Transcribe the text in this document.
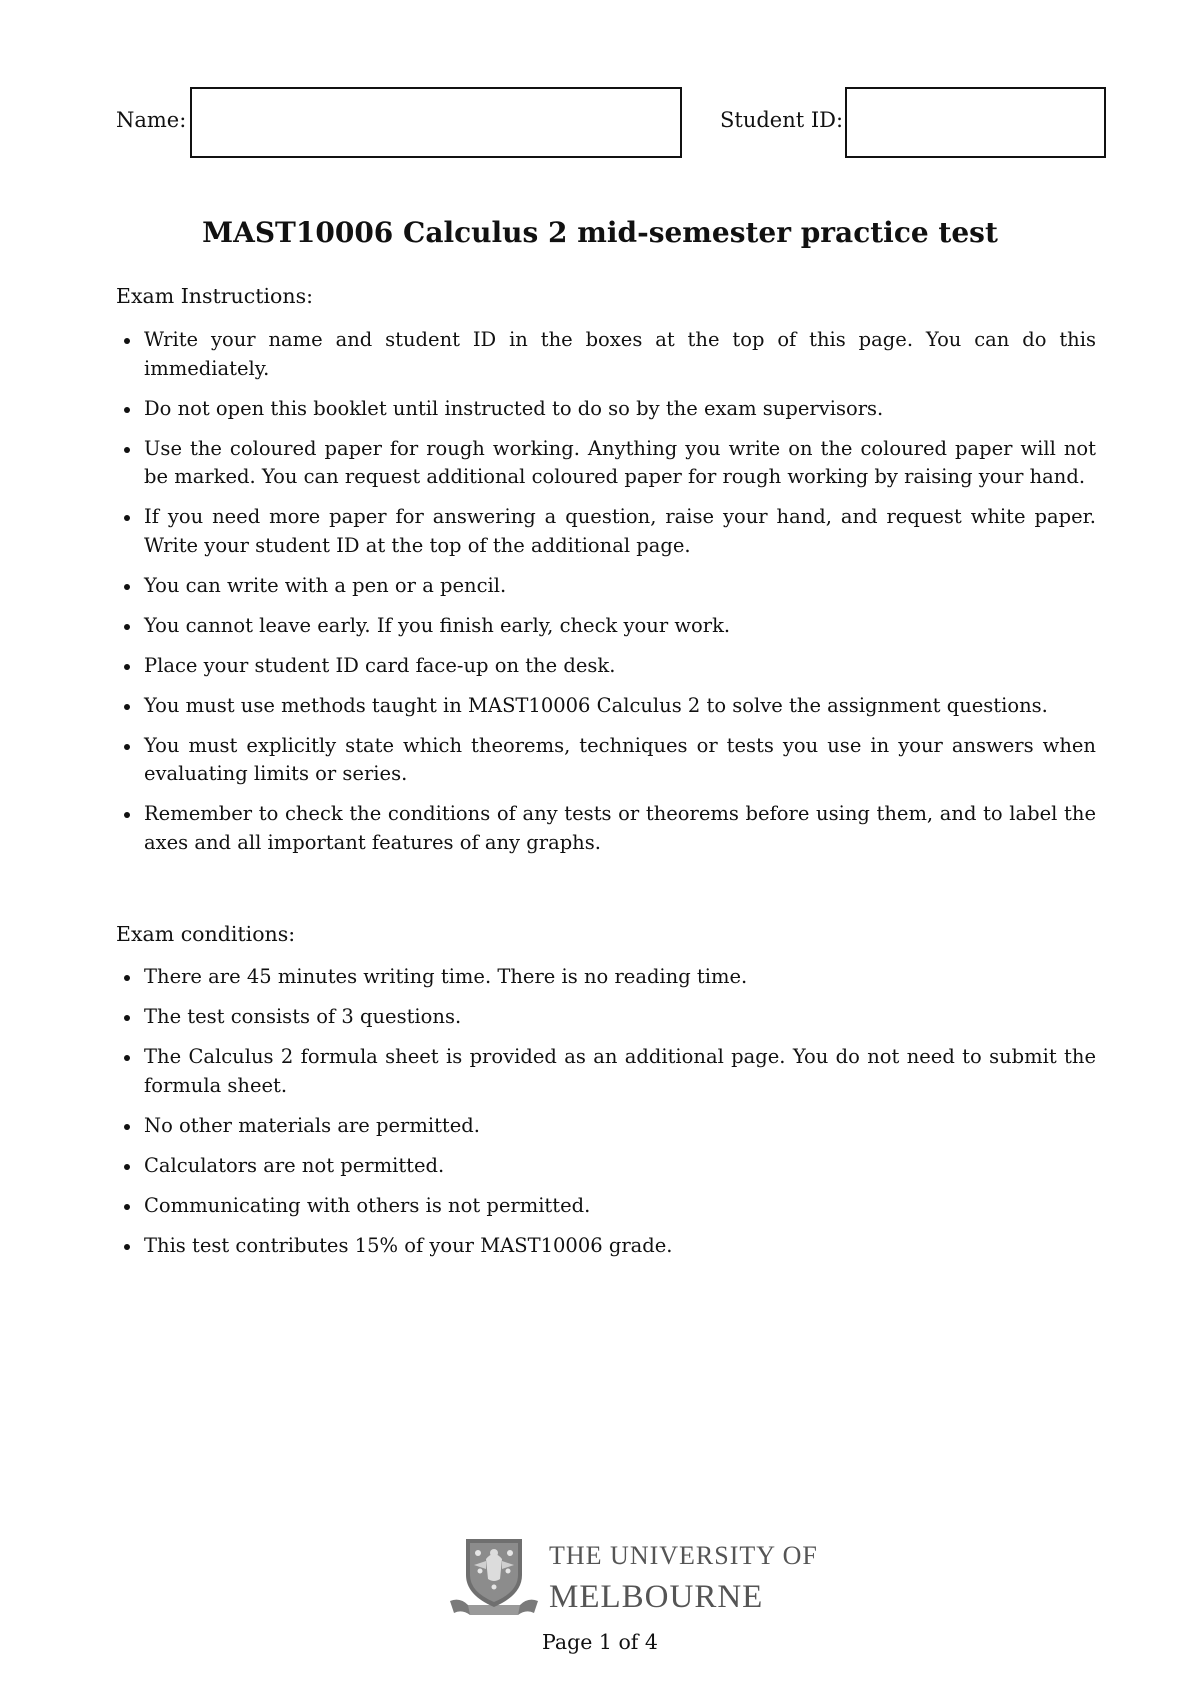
Name:	Student ID:
MAST10006 Calculus 2 mid-semester practice test
Exam Instructions:
Write your name and student ID in the boxes at the top of this page. You can do this immediately.
Do not open this booklet until instructed to do so by the exam supervisors.
Use the coloured paper for rough working. Anything you write on the coloured paper will not be marked. You can request additional coloured paper for rough working by raising your hand.
If you need more paper for answering a question, raise your hand, and request white paper. Write your student ID at the top of the additional page.
You can write with a pen or a pencil.
You cannot leave early. If you finish early, check your work.
Place your student ID card face-up on the desk.
You must use methods taught in MAST10006 Calculus 2 to solve the assignment questions.
You must explicitly state which theorems, techniques or tests you use in your answers when evaluating limits or series.
Remember to check the conditions of any tests or theorems before using them, and to label the axes and all important features of any graphs.
Exam conditions:
There are 45 minutes writing time. There is no reading time.
The test consists of 3 questions.
The Calculus 2 formula sheet is provided as an additional page. You do not need to submit the formula sheet.
No other materials are permitted.
Calculators are not permitted.
Communicating with others is not permitted.
This test contributes 15% of your MAST10006 grade.
THE UNIVERSITY OF
MELBOURNE
Page 1 of 4
